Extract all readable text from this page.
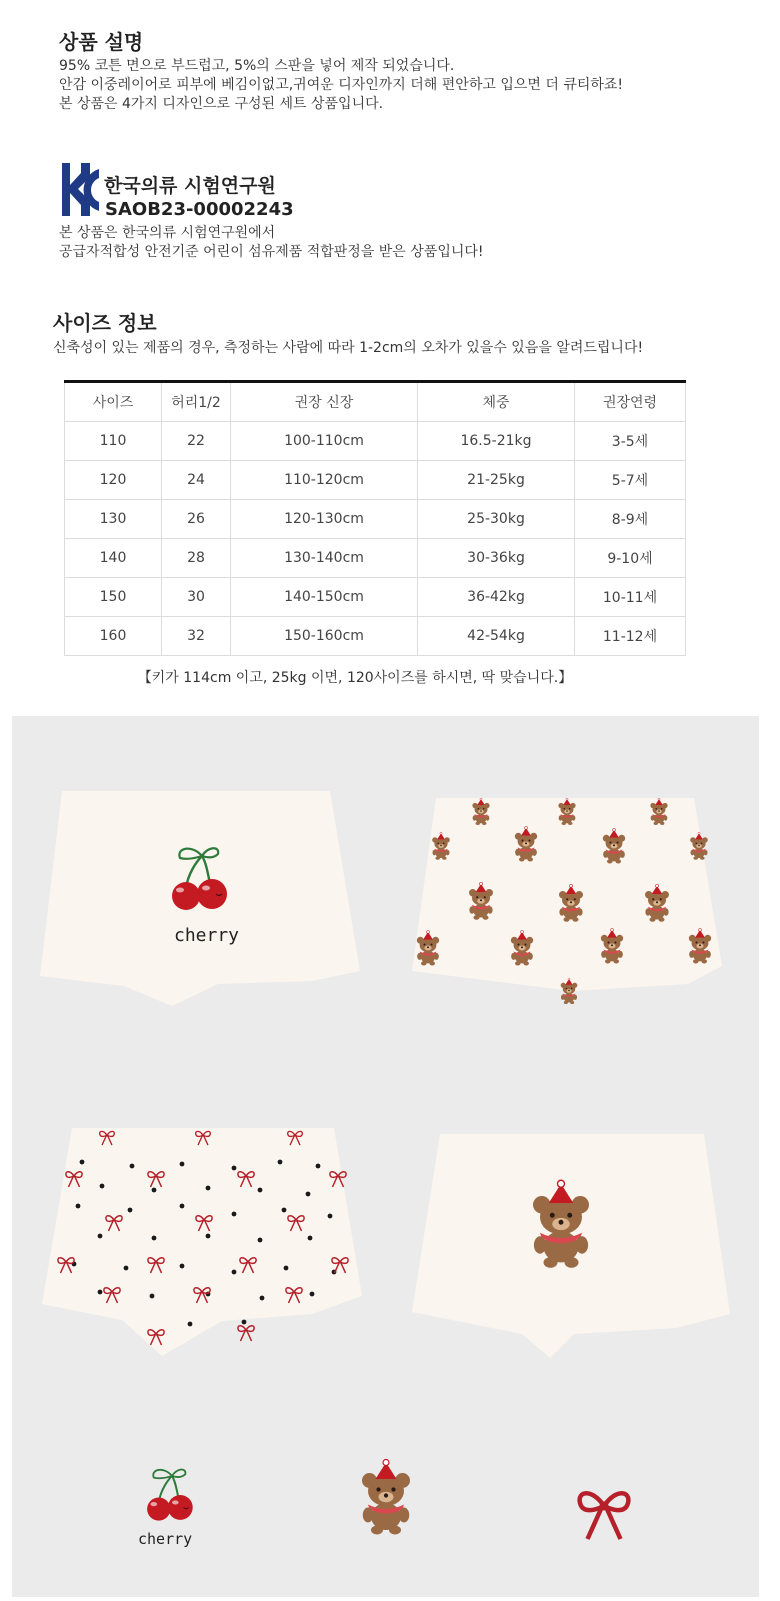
상품 설명
95% 코튼 면으로 부드럽고, 5%의 스판을 넣어 제작 되었습니다.
안감 이중레이어로 피부에 베김이없고,귀여운 디자인까지 더해 편안하고 입으면 더 큐티하죠!
본 상품은 4가지 디자인으로 구성된 세트 상품입니다.
한국의류 시험연구원
SAOB23-00002243
본 상품은 한국의류 시험연구원에서
공급자적합성 안전기준 어린이 섬유제품 적합판정을 받은 상품입니다!
사이즈 정보
신축성이 있는 제품의 경우, 측정하는 사람에 따라 1-2cm의 오차가 있을수 있음을 알려드립니다!
사이즈	허리1/2	권장 신장	체중	권장연령
110	22	100-110cm	16.5-21kg	3-5세
120	24	110-120cm	21-25kg	5-7세
130	26	120-130cm	25-30kg	8-9세
140	28	130-140cm	30-36kg	9-10세
150	30	140-150cm	36-42kg	10-11세
160	32	150-160cm	42-54kg	11-12세
【키가 114cm 이고, 25kg 이면, 120사이즈를 하시면, 딱 맞습니다.】
cherry
cherry
